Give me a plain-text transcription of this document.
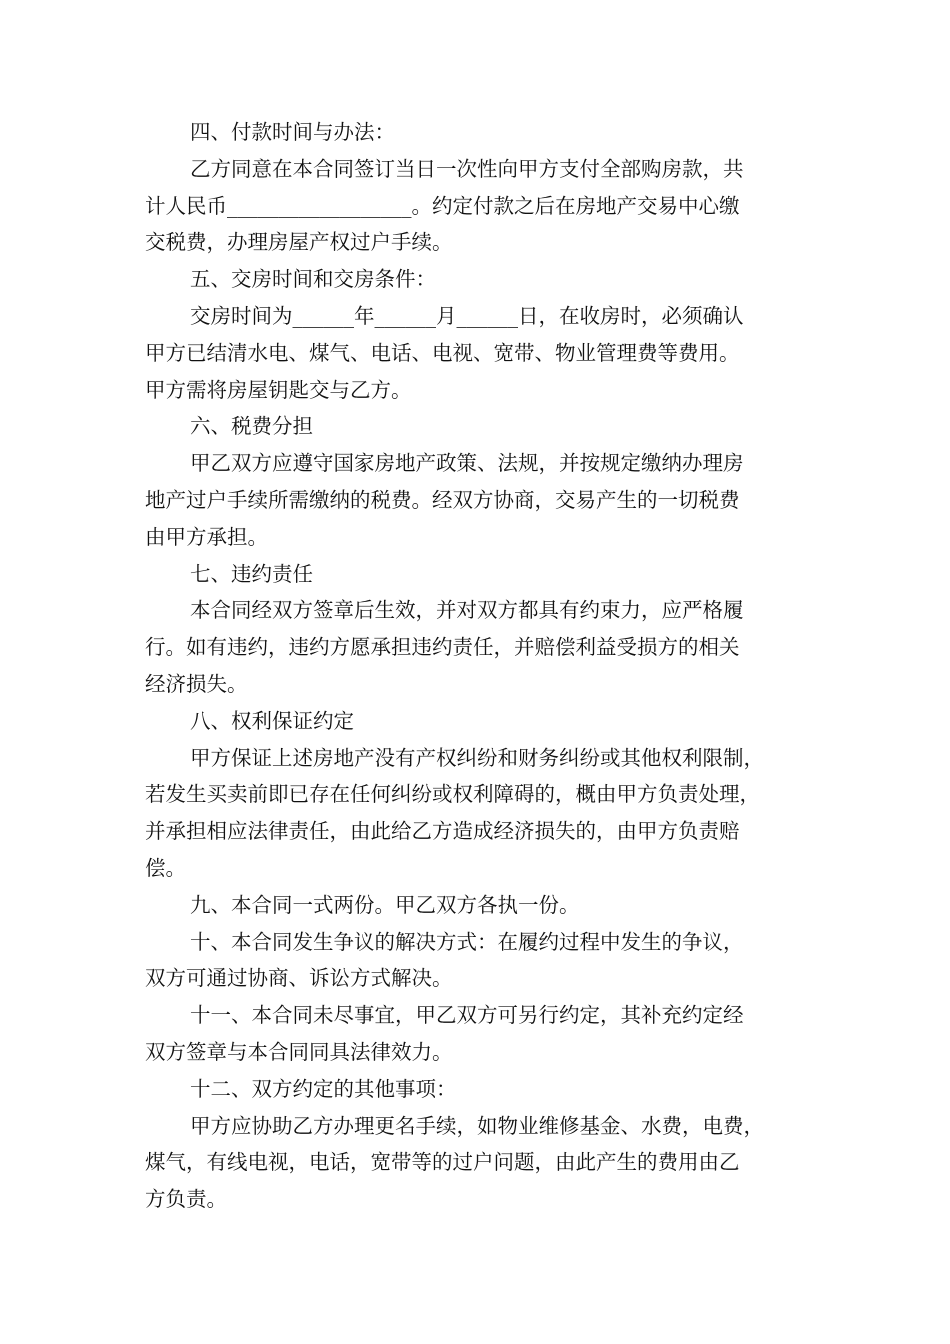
四、付款时间与办法：
乙方同意在本合同签订当日一次性向甲方支付全部购房款，共
计人民币__________________。约定付款之后在房地产交易中心缴
交税费，办理房屋产权过户手续。
五、交房时间和交房条件：
交房时间为______年______月______日，在收房时，必须确认
甲方已结清水电、煤气、电话、电视、宽带、物业管理费等费用。
甲方需将房屋钥匙交与乙方。
六、税费分担
甲乙双方应遵守国家房地产政策、法规，并按规定缴纳办理房
地产过户手续所需缴纳的税费。经双方协商，交易产生的一切税费
由甲方承担。
七、违约责任
本合同经双方签章后生效，并对双方都具有约束力，应严格履
行。如有违约，违约方愿承担违约责任，并赔偿利益受损方的相关
经济损失。
八、权利保证约定
甲方保证上述房地产没有产权纠纷和财务纠纷或其他权利限制，
若发生买卖前即已存在任何纠纷或权利障碍的，概由甲方负责处理，
并承担相应法律责任，由此给乙方造成经济损失的，由甲方负责赔
偿。
九、本合同一式两份。甲乙双方各执一份。
十、本合同发生争议的解决方式：在履约过程中发生的争议，
双方可通过协商、诉讼方式解决。
十一、本合同未尽事宜，甲乙双方可另行约定，其补充约定经
双方签章与本合同同具法律效力。
十二、双方约定的其他事项：
甲方应协助乙方办理更名手续，如物业维修基金、水费，电费，
煤气，有线电视，电话，宽带等的过户问题，由此产生的费用由乙
方负责。
